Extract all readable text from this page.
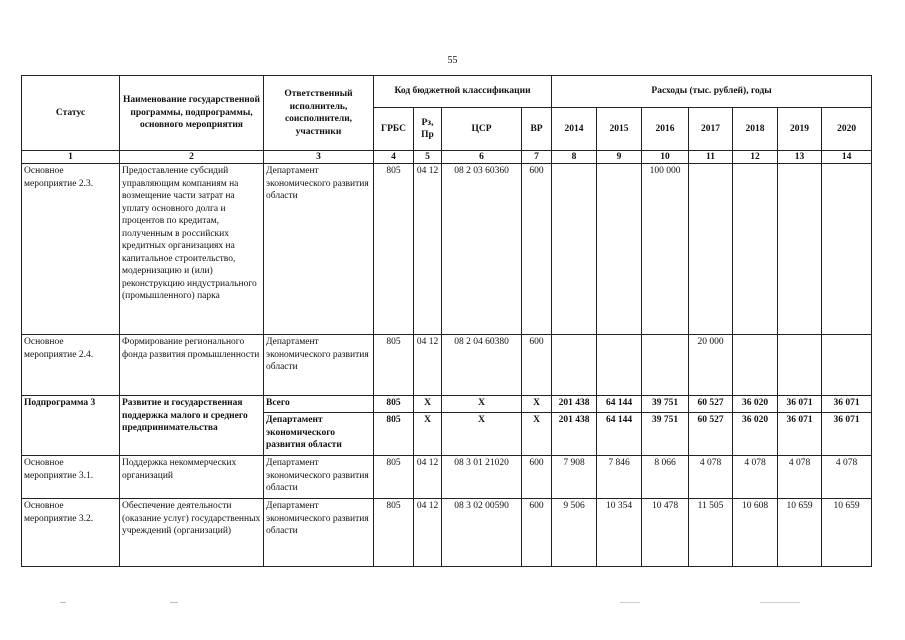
55
Статус	Наименование государственной программы, подпрограммы, основного мероприятия	Ответственный исполнитель, соисполнители, участники	Код бюджетной классификации				Расходы (тыс. рублей), годы						
			ГРБС	Рз, Пр	ЦСР	ВР	2014	2015	2016	2017	2018	2019	2020
1	2	3	4	5	6	7	8	9	10	11	12	13	14
Основное мероприятие 2.3.	Предоставление субсидий управляющим компаниям на возмещение части затрат на уплату основного долга и процентов по кредитам, полученным в российских кредитных организациях на капитальное строительство, модернизацию и (или) реконструкцию индустриального (промышленного) парка	Департамент экономического развития области	805	04 12	08 2 03 60360	600			100 000				
Основное мероприятие 2.4.	Формирование регионального фонда развития промышленности	Департамент экономического развития области	805	04 12	08 2 04 60380	600				20 000			
Подпрограмма 3	Развитие и государственная поддержка малого и среднего предпринимательства	Всего	805	X	X	X	201 438	64 144	39 751	60 527	36 020	36 071	36 071
		Департамент экономического развития области	805	X	X	X	201 438	64 144	39 751	60 527	36 020	36 071	36 071
Основное мероприятие 3.1.	Поддержка некоммерческих организаций	Департамент экономического развития области	805	04 12	08 3 01 21020	600	7 908	7 846	8 066	4 078	4 078	4 078	4 078
Основное мероприятие 3.2.	Обеспечение деятельности (оказание услуг) государственных учреждений (организаций)	Департамент экономического развития области	805	04 12	08 3 02 00590	600	9 506	10 354	10 478	11 505	10 608	10 659	10 659
